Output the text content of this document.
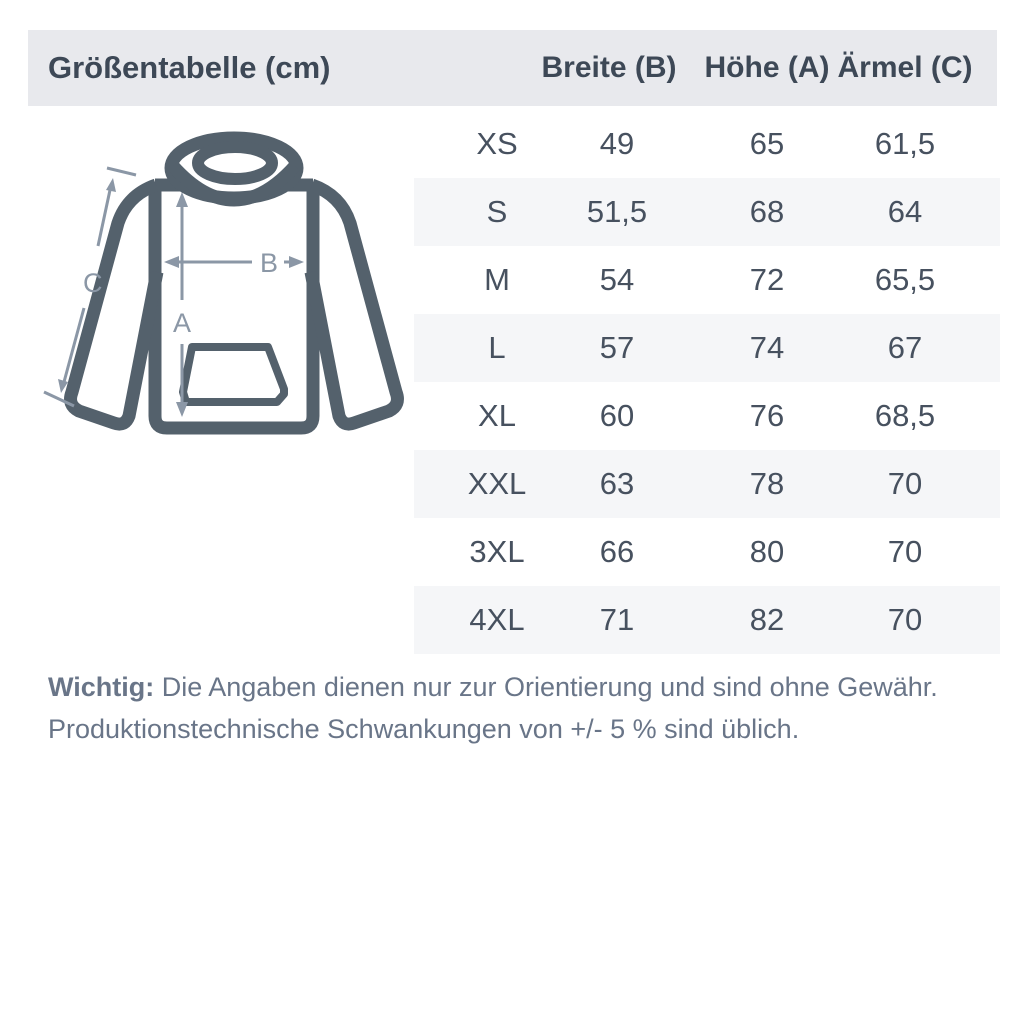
Größentabelle (cm)	Breite (B) Höhe (A) Ärmel (C)
A
B
C
XS	49	65	61,5
S	51,5	68	64
M	54	72	65,5
L	57	74	67
XL	60	76	68,5
XXL 63	78	70
3XL 66	80	70
4XL 71	82	70
Wichtig: Die Angaben dienen nur zur Orientierung und sind ohne Gewähr.
Produktionstechnische Schwankungen von +/- 5 % sind üblich.
